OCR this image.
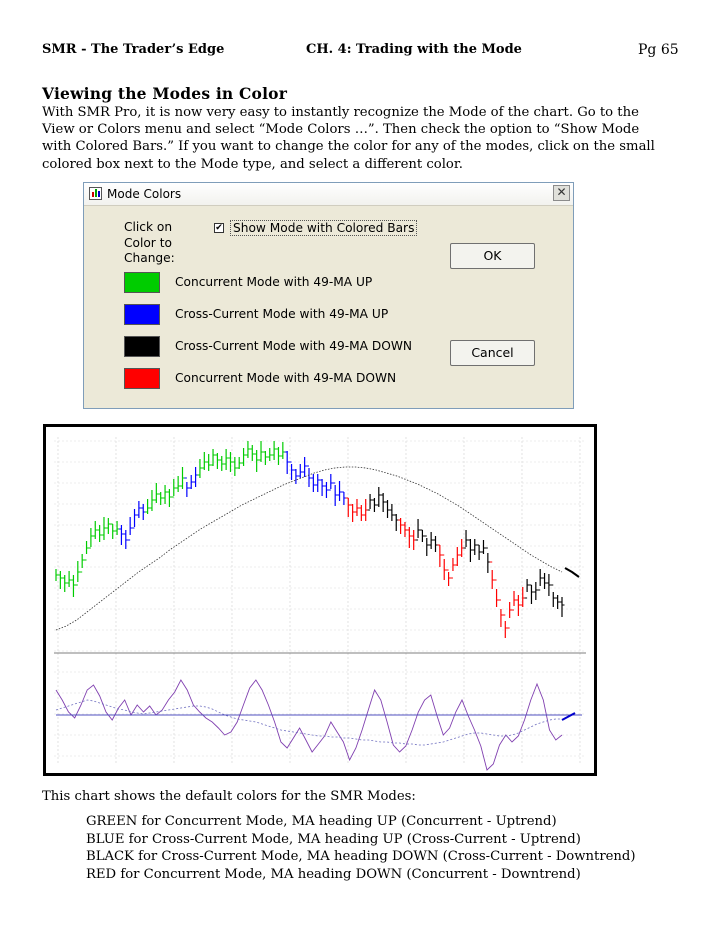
SMR - The Trader’s Edge	CH. 4: Trading with the Mode	Pg 65
Viewing the Modes in Color
With SMR Pro, it is now very easy to instantly recognize the Mode of the chart. Go to the
View or Colors menu and select “Mode Colors …”. Then check the option to “Show Mode
with Colored Bars.” If you want to change the color for any of the modes, click on the small
colored box next to the Mode type, and select a different color.
Mode Colors	✕
Click on
Color to
Change:
✔ Show Mode with Colored Bars
Concurrent Mode with 49-MA UP
Cross-Current Mode with 49-MA UP
Cross-Current Mode with 49-MA DOWN
Concurrent Mode with 49-MA DOWN
OK
Cancel
This chart shows the default colors for the SMR Modes:
GREEN for Concurrent Mode, MA heading UP (Concurrent - Uptrend)
BLUE for Cross-Current Mode, MA heading UP (Cross-Current - Uptrend)
BLACK for Cross-Current Mode, MA heading DOWN (Cross-Current - Downtrend)
RED for Concurrent Mode, MA heading DOWN (Concurrent - Downtrend)
